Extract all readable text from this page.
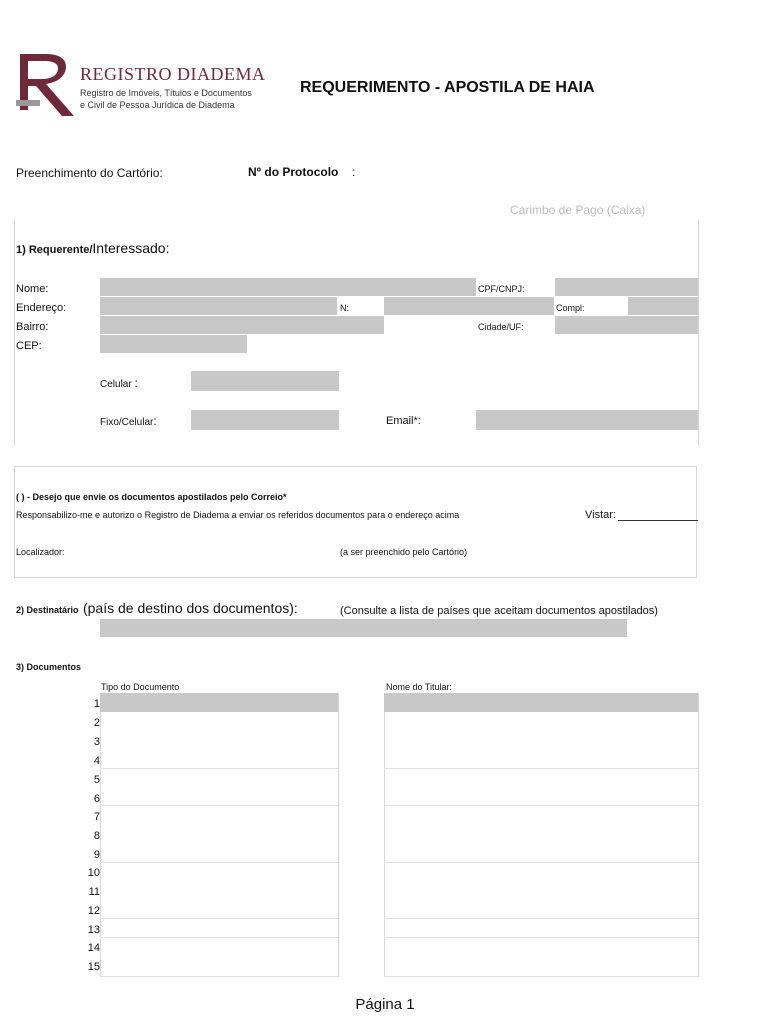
REGISTRO DIADEMA
Registro de Imóveis, Títulos e Documentos
e Civil de Pessoa Jurídica de Diadema
REQUERIMENTO - APOSTILA DE HAIA
Preenchimento do Cartório:	Nº do Protocolo :
Carimbo de Pago (Caixa)
1) Requerente/Interessado:
Nome:	CPF/CNPJ:
Endereço:	N:	Compl:
Bairro:	Cidade/UF:
CEP:
Celular :
Fixo/Celular:	Email*:
( ) - Desejo que envie os documentos apostilados pelo Correio*
Responsabilizo-me e autorizo o Registro de Diadema a enviar os referidos documentos para o endereço acima	Vistar:
Localizador:	(a ser preenchido pelo Cartório)
2) Destinatário (país de destino dos documentos):	(Consulte a lista de países que aceitam documentos apostilados)
3) Documentos
Tipo do Documento	Nome do Titular:
1
2
3
4
5
6
7
8
9
10
11
12
13
14
15
Página 1
